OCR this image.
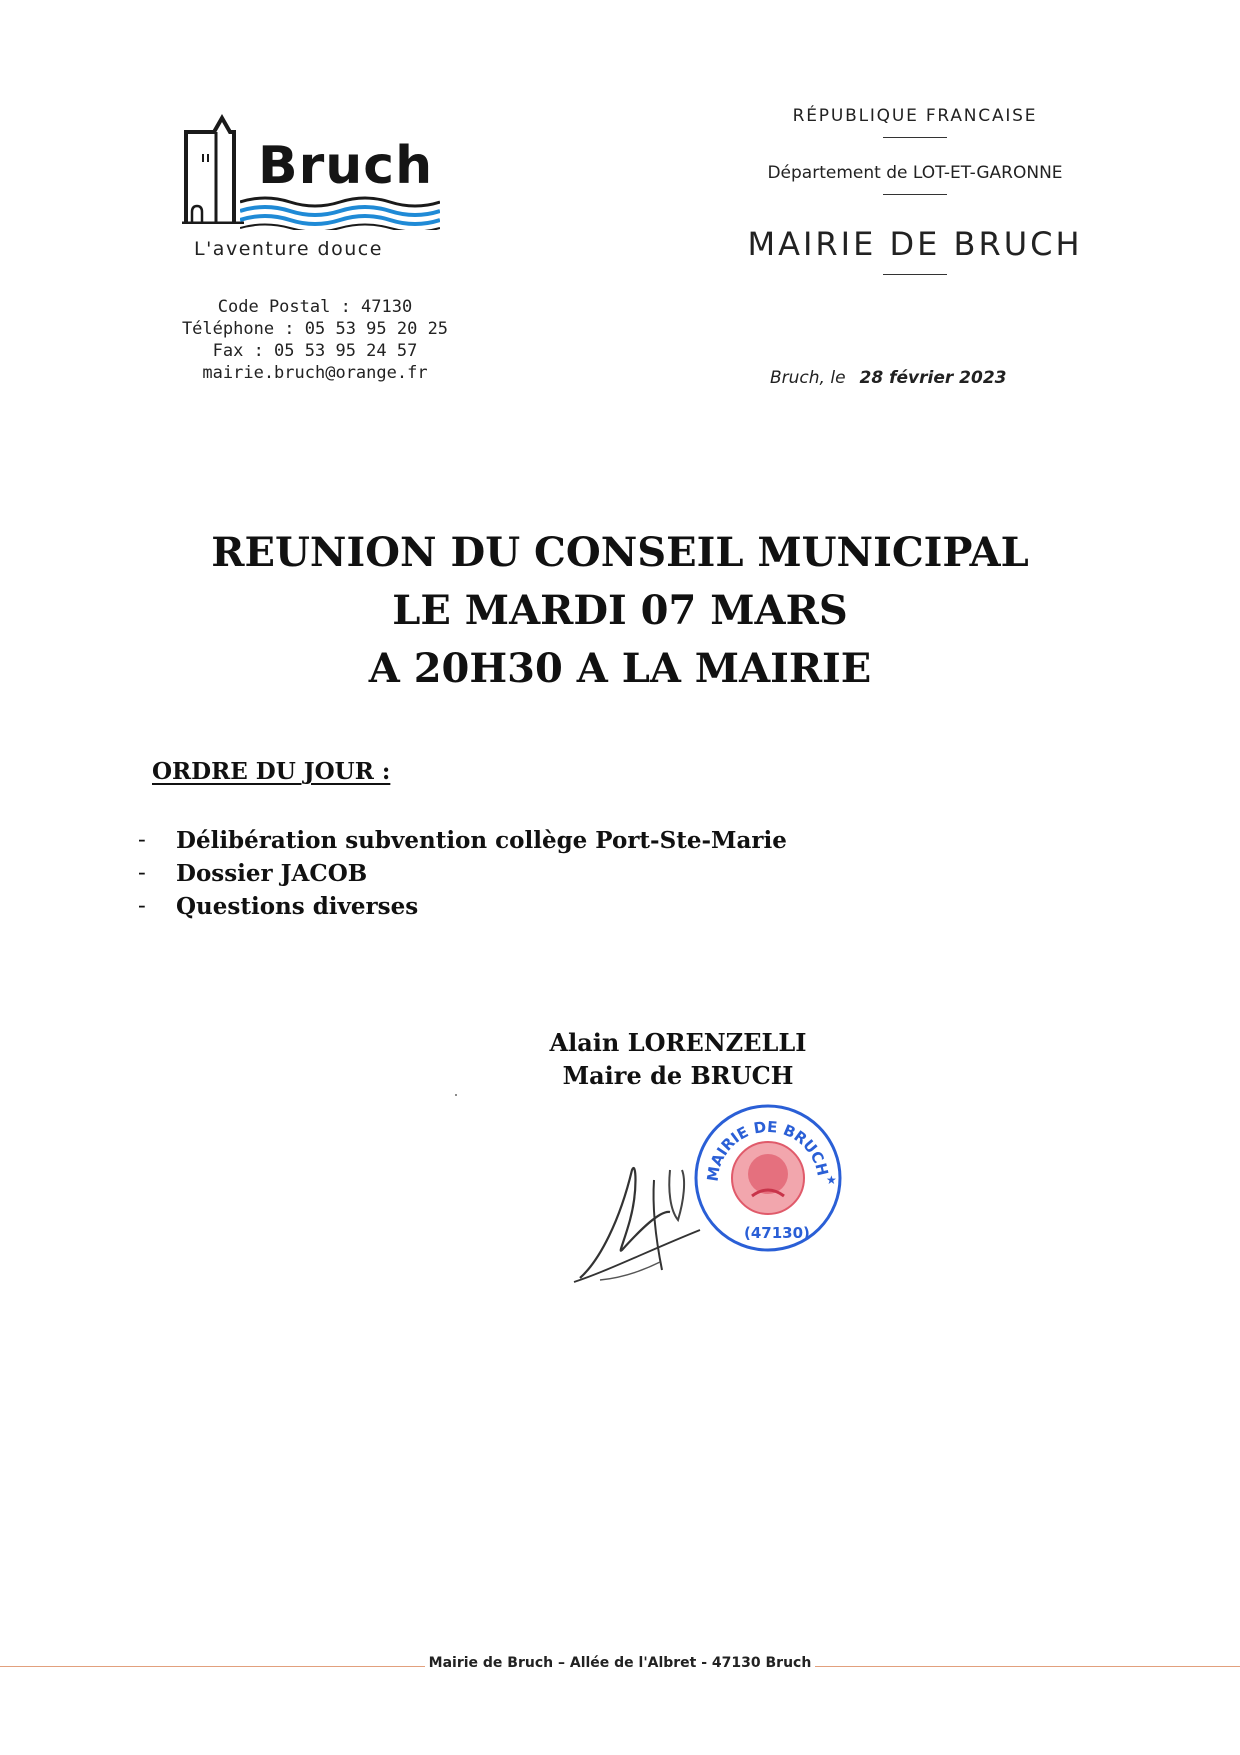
Bruch
L'aventure douce
Code Postal : 47130
Téléphone : 05 53 95 20 25
Fax : 05 53 95 24 57
mairie.bruch@orange.fr
RÉPUBLIQUE FRANCAISE
Département de LOT-ET-GARONNE
MAIRIE DE BRUCH
Bruch, le 28 février 2023
REUNION DU CONSEIL MUNICIPAL
LE MARDI 07 MARS
A 20H30 A LA MAIRIE
ORDRE DU JOUR :
- Délibération subvention collège Port-Ste-Marie
- Dossier JACOB
- Questions diverses
Alain LORENZELLI
Maire de BRUCH
MAIRIE DE BRUCH
(47130)
★
Mairie de Bruch – Allée de l'Albret - 47130 Bruch
